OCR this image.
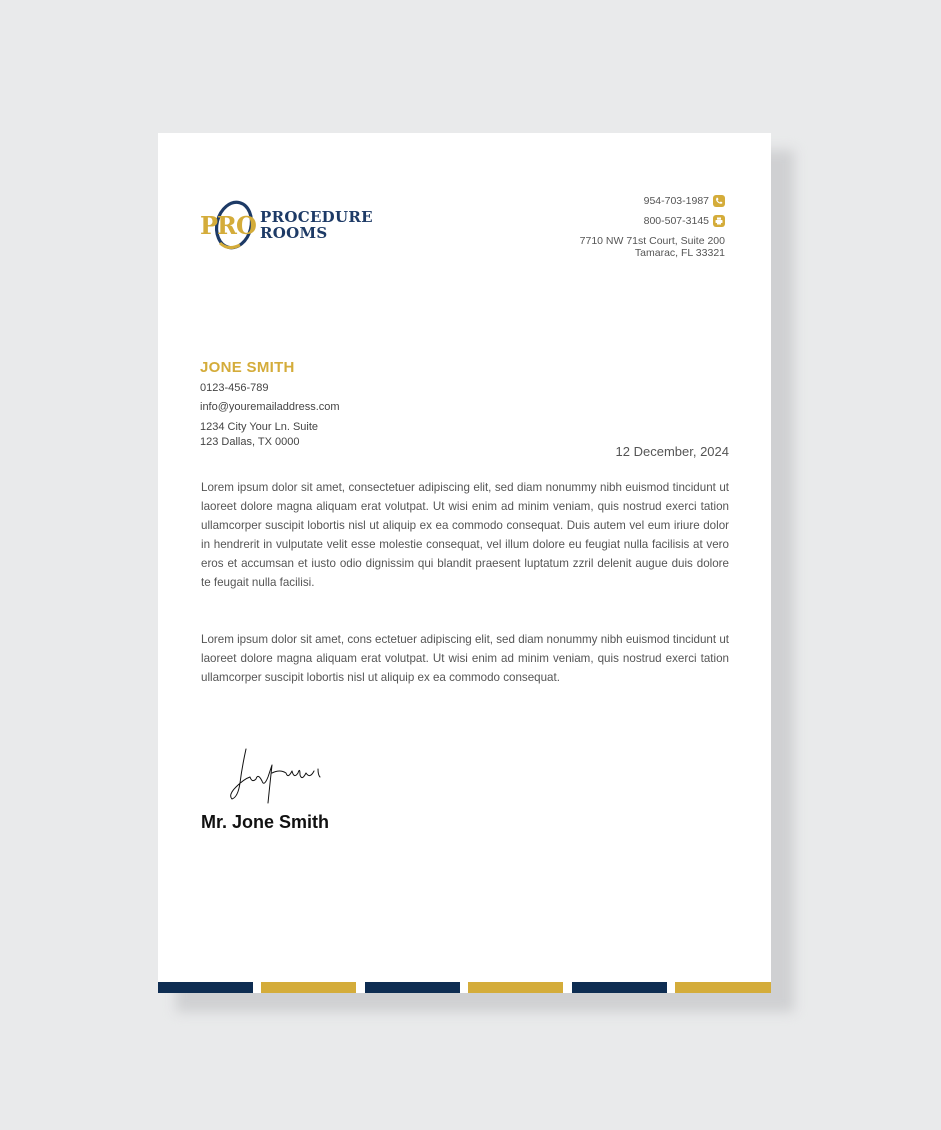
PRO PROCEDURE
ROOMS
954-703-1987
800-507-3145
7710 NW 71st Court, Suite 200
Tamarac, FL 33321
JONE SMITH
0123-456-789
info@youremailaddress.com
1234 City Your Ln. Suite
123 Dallas, TX 0000
12 December, 2024

Lorem ipsum dolor sit amet, consectetuer adipiscing elit, sed diam nonummy nibh euismod tincidunt ut laoreet dolore magna aliquam erat volutpat. Ut wisi enim ad minim veniam, quis nostrud exerci tation ullamcorper suscipit lobortis nisl ut aliquip ex ea commodo consequat. Duis autem vel eum iriure dolor in hendrerit in vulputate velit esse molestie consequat, vel illum dolore eu feugiat nulla facilisis at vero eros et accumsan et iusto odio dignissim qui blandit praesent luptatum zzril delenit augue duis dolore te feugait nulla facilisi.

Lorem ipsum dolor sit amet, cons ectetuer adipiscing elit, sed diam nonummy nibh euismod tincidunt ut laoreet dolore magna aliquam erat volutpat. Ut wisi enim ad minim veniam, quis nostrud exerci tation ullamcorper suscipit lobortis nisl ut aliquip ex ea commodo consequat.

Mr. Jone Smith
